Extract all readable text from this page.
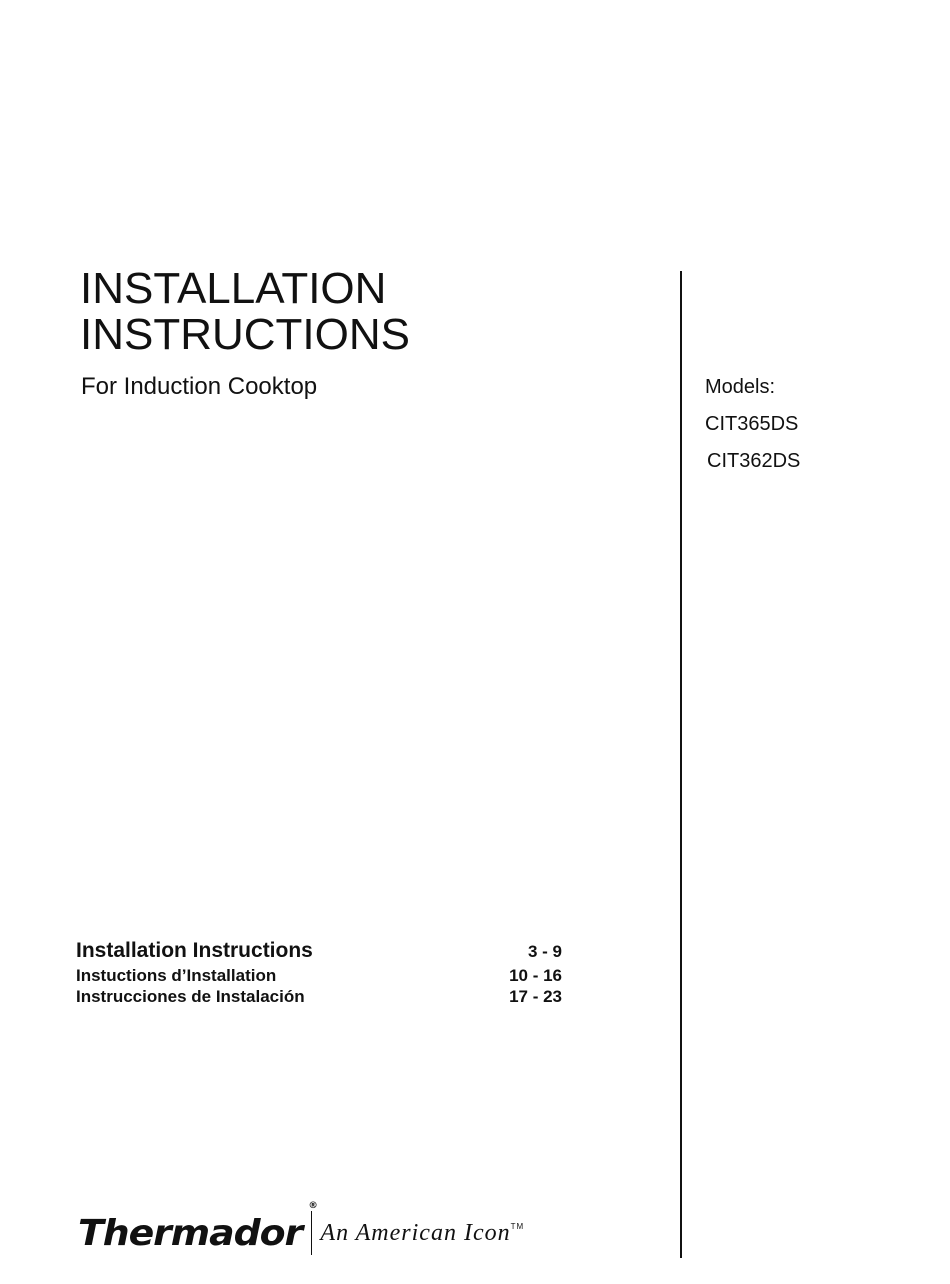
INSTALLATION
INSTRUCTIONS
For Induction Cooktop	Models:
CIT365DS
CIT362DS
Installation Instructions	3 - 9
Instuctions d’Installation	10 - 16
Instrucciones de Instalación	17 - 23
Thermador®
An American Icon™
